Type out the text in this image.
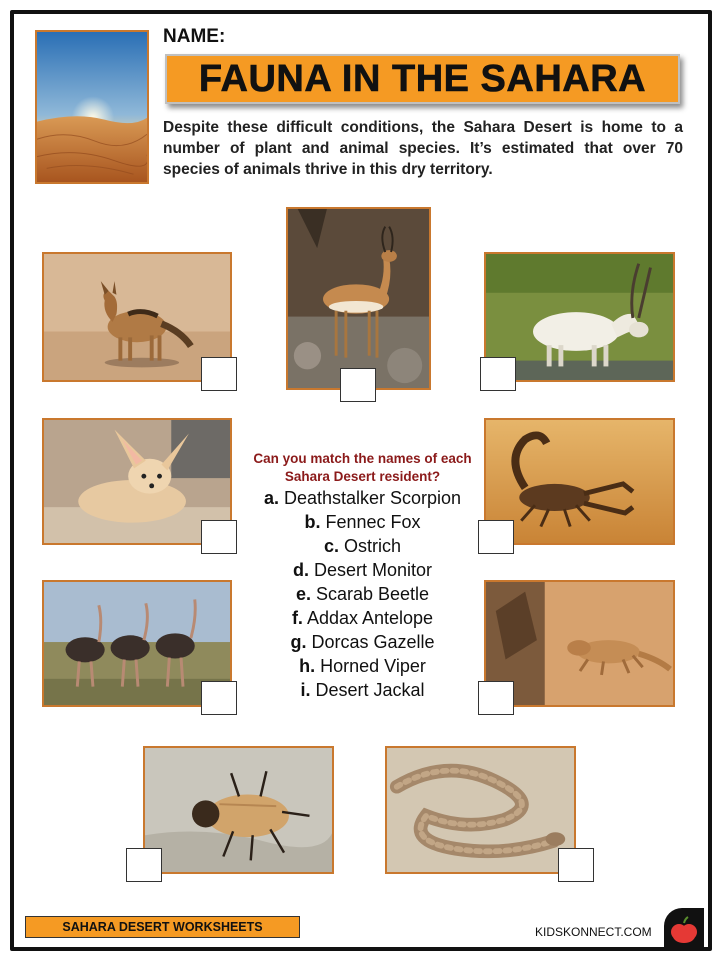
NAME:
FAUNA IN THE SAHARA
Despite these difficult conditions, the Sahara Desert is home to a number of plant and animal species. It’s estimated that over 70 species of animals thrive in this dry territory.
Can you match the names of each Sahara Desert resident?
a. Deathstalker Scorpion
b. Fennec Fox
c. Ostrich
d. Desert Monitor
e. Scarab Beetle
f. Addax Antelope
g. Dorcas Gazelle
h. Horned Viper
i. Desert Jackal
SAHARA DESERT WORKSHEETS	KIDSKONNECT.COM
